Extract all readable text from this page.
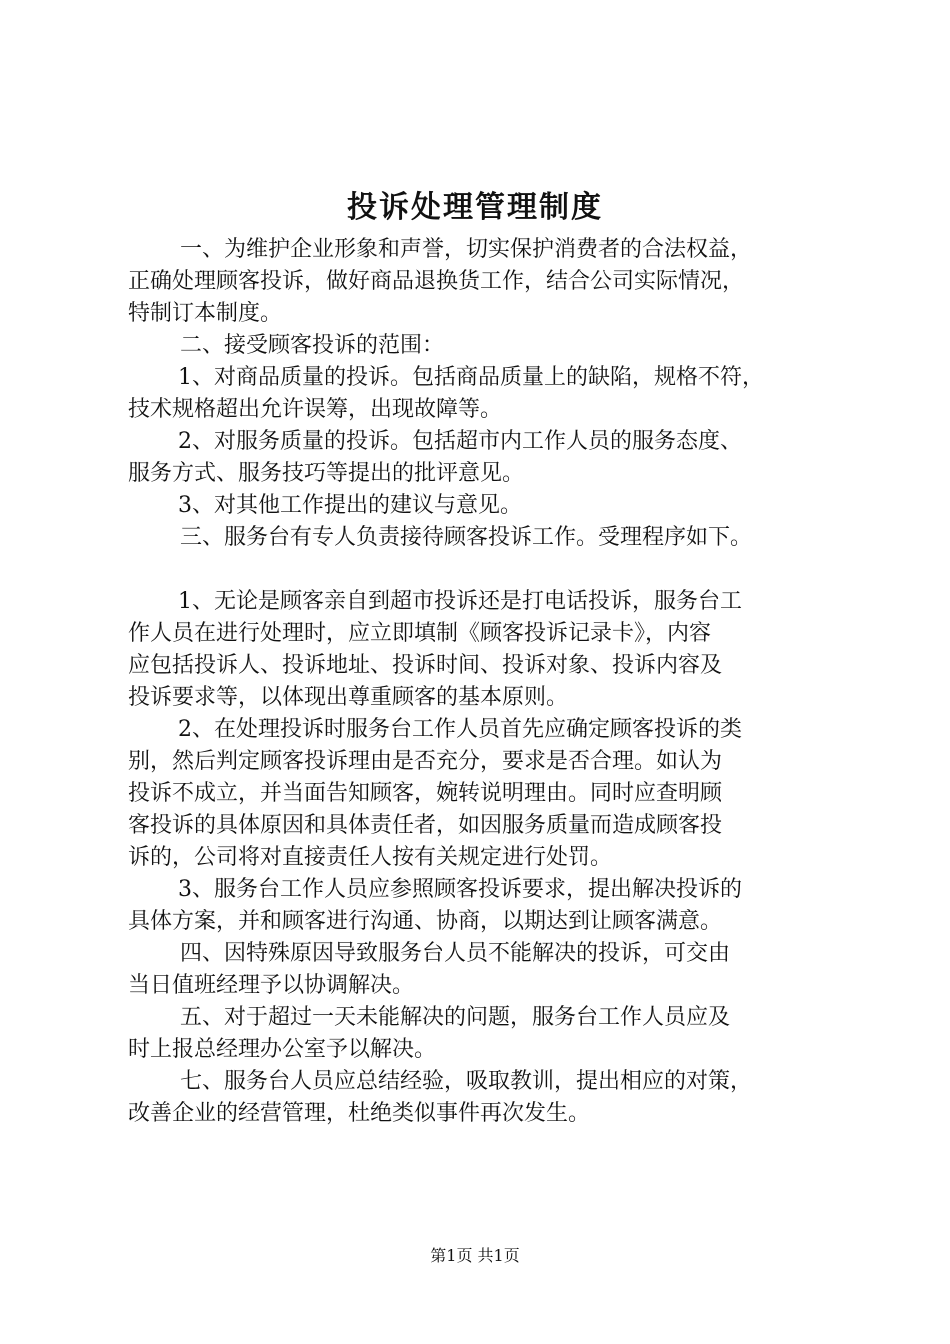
投诉处理管理制度
一、为维护企业形象和声誉，切实保护消费者的合法权益，
正确处理顾客投诉，做好商品退换货工作，结合公司实际情况，
特制订本制度。
二、接受顾客投诉的范围：
1、对商品质量的投诉。包括商品质量上的缺陷，规格不符，
技术规格超出允许误筹，出现故障等。
2、对服务质量的投诉。包括超市内工作人员的服务态度、
服务方式、服务技巧等提出的批评意见。
3、对其他工作提出的建议与意见。
三、服务台有专人负责接待顾客投诉工作。受理程序如下。
1、无论是顾客亲自到超市投诉还是打电话投诉，服务台工
作人员在进行处理时，应立即填制《顾客投诉记录卡》，内容
应包括投诉人、投诉地址、投诉时间、投诉对象、投诉内容及
投诉要求等，以体现出尊重顾客的基本原则。
2、在处理投诉时服务台工作人员首先应确定顾客投诉的类
别，然后判定顾客投诉理由是否充分，要求是否合理。如认为
投诉不成立，并当面告知顾客，婉转说明理由。同时应查明顾
客投诉的具体原因和具体责任者，如因服务质量而造成顾客投
诉的，公司将对直接责任人按有关规定进行处罚。
3、服务台工作人员应参照顾客投诉要求，提出解决投诉的
具体方案，并和顾客进行沟通、协商，以期达到让顾客满意。
四、因特殊原因导致服务台人员不能解决的投诉，可交由
当日值班经理予以协调解决。
五、对于超过一天未能解决的问题，服务台工作人员应及
时上报总经理办公室予以解决。
七、服务台人员应总结经验，吸取教训，提出相应的对策，
改善企业的经营管理，杜绝类似事件再次发生。
第1页 共1页
